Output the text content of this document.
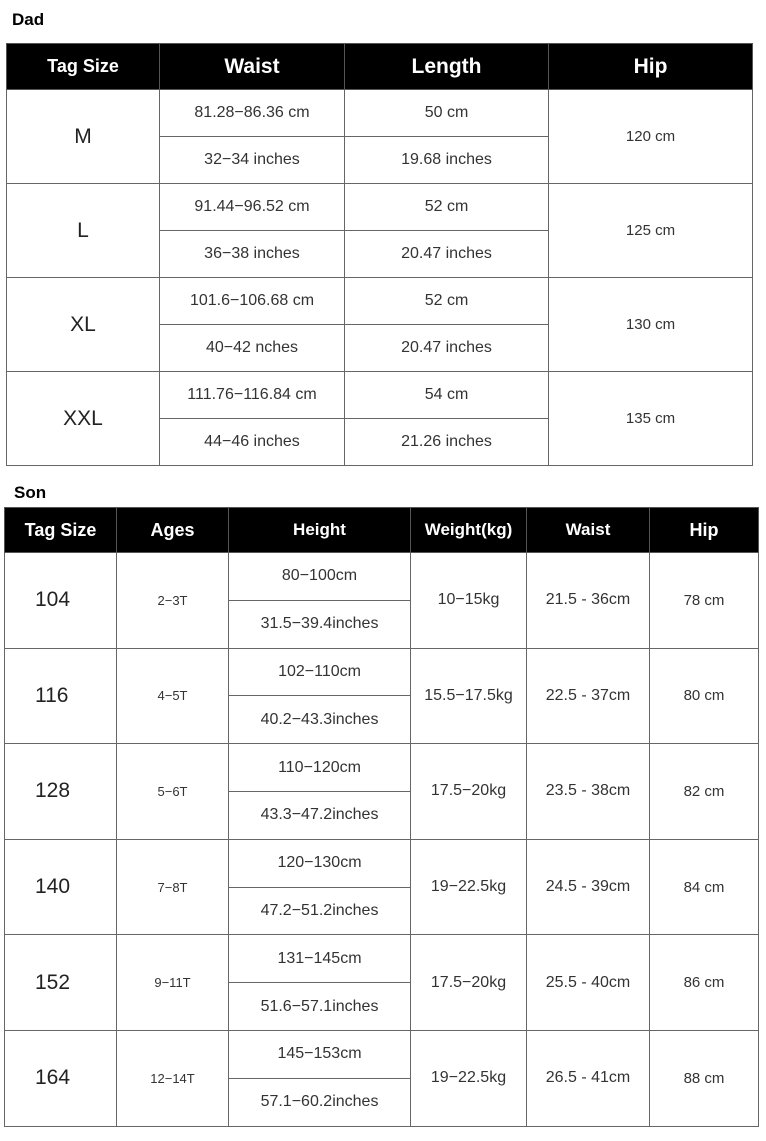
Dad
Tag Size	Waist	Length	Hip
M	81.28−86.36 cm	50 cm	120 cm
	32−34 inches	19.68 inches	
L	91.44−96.52 cm	52 cm	125 cm
	36−38 inches	20.47 inches	
XL	101.6−106.68 cm	52 cm	130 cm
	40−42 nches	20.47 inches	
XXL	111.76−116.84 cm	54 cm	135 cm
	44−46 inches	21.26 inches	
Son
Tag Size	Ages	Height	Weight(kg)	Waist	Hip
104	2−3T	80−100cm	10−15kg	21.5 - 36cm	78 cm
		31.5−39.4inches			
116	4−5T	102−110cm	15.5−17.5kg	22.5 - 37cm	80 cm
		40.2−43.3inches			
128	5−6T	110−120cm	17.5−20kg	23.5 - 38cm	82 cm
		43.3−47.2inches			
140	7−8T	120−130cm	19−22.5kg	24.5 - 39cm	84 cm
		47.2−51.2inches			
152	9−11T	131−145cm	17.5−20kg	25.5 - 40cm	86 cm
		51.6−57.1inches			
164	12−14T	145−153cm	19−22.5kg	26.5 - 41cm	88 cm
		57.1−60.2inches			
